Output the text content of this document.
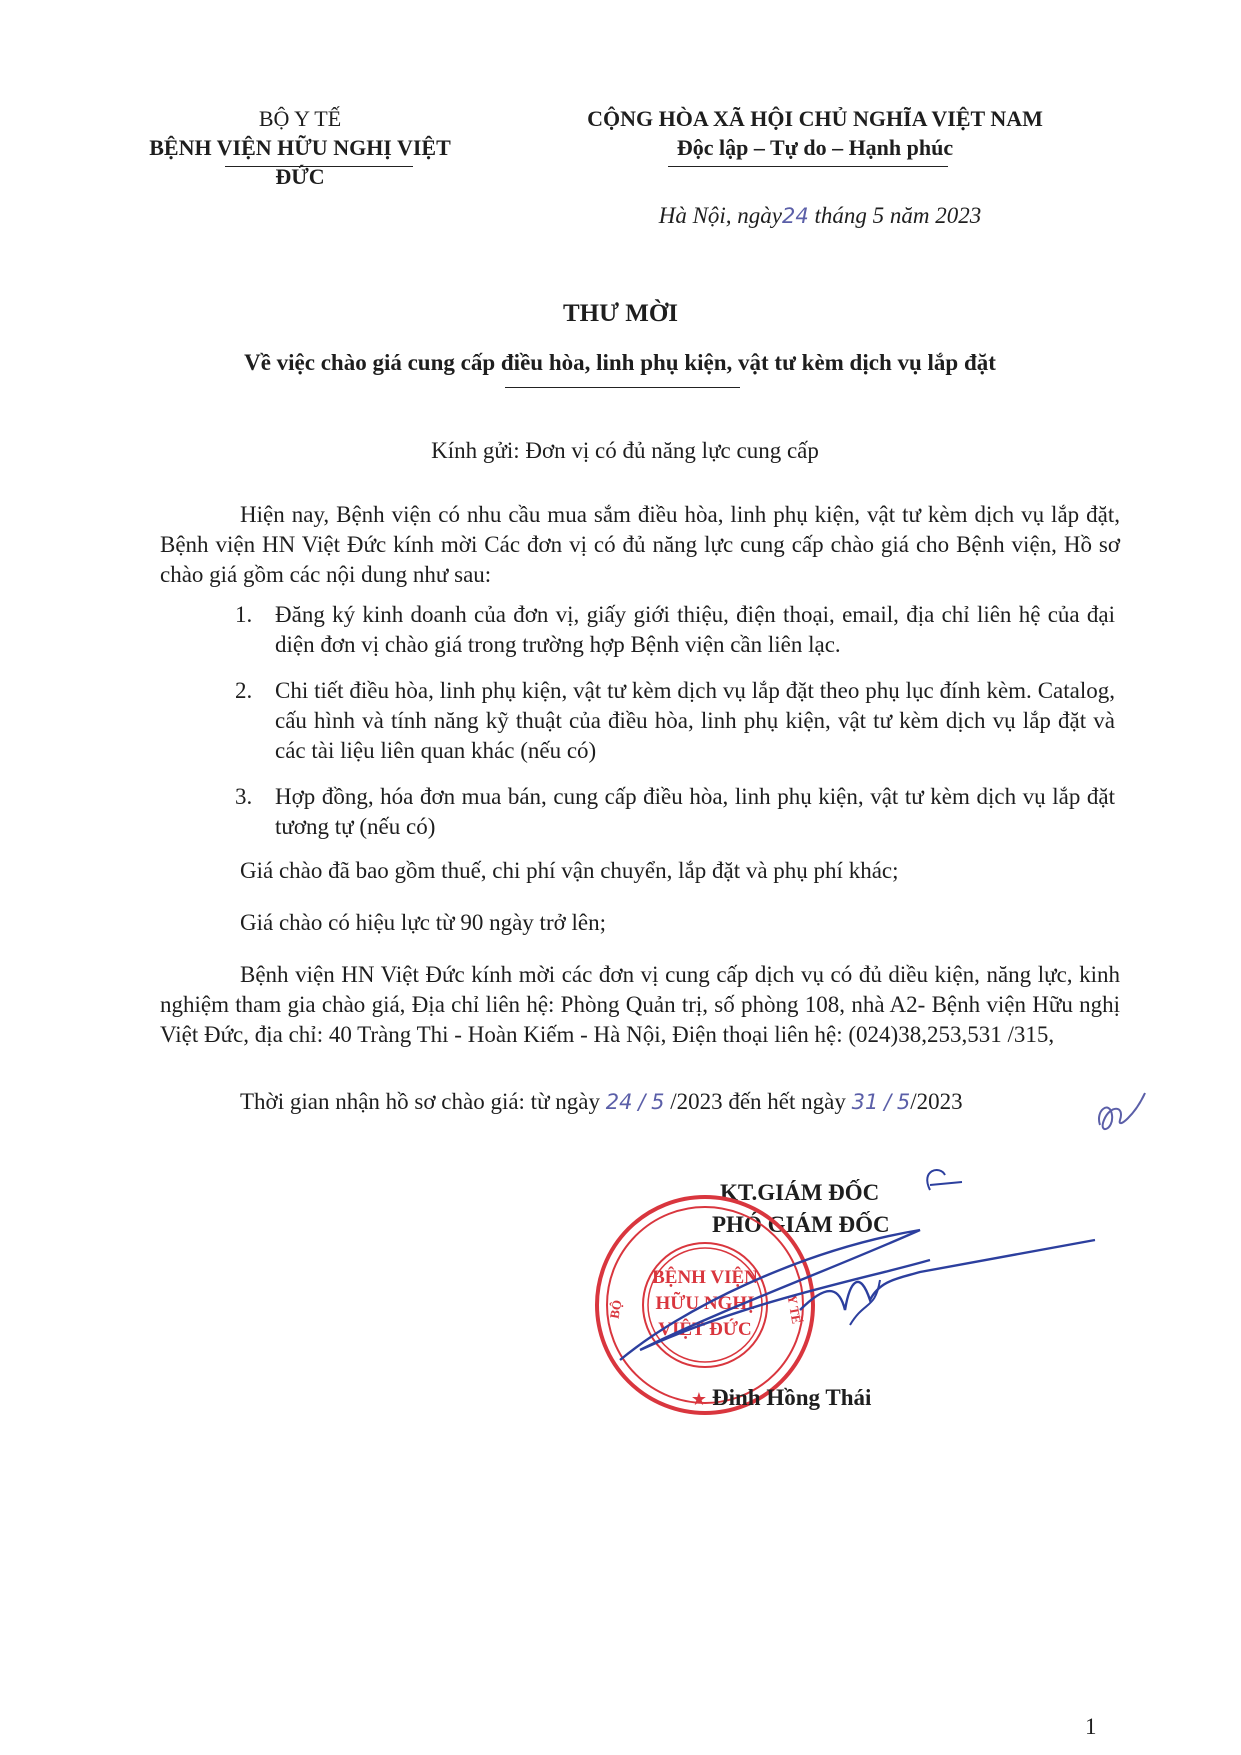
BỘ Y TẾ
BỆNH VIỆN HỮU NGHỊ VIỆT ĐỨC
CỘNG HÒA XÃ HỘI CHỦ NGHĨA VIỆT NAM
Độc lập – Tự do – Hạnh phúc
Hà Nội, ngày24 tháng 5 năm 2023
THƯ MỜI
Về việc chào giá cung cấp điều hòa, linh phụ kiện, vật tư kèm dịch vụ lắp đặt
Kính gửi: Đơn vị có đủ năng lực cung cấp
Hiện nay, Bệnh viện có nhu cầu mua sắm điều hòa, linh phụ kiện, vật tư kèm dịch vụ lắp đặt, Bệnh viện HN Việt Đức kính mời Các đơn vị có đủ năng lực cung cấp chào giá cho Bệnh viện, Hồ sơ chào giá gồm các nội dung như sau:
1. Đăng ký kinh doanh của đơn vị, giấy giới thiệu, điện thoại, email, địa chỉ liên hệ của đại diện đơn vị chào giá trong trường hợp Bệnh viện cần liên lạc.
2. Chi tiết điều hòa, linh phụ kiện, vật tư kèm dịch vụ lắp đặt theo phụ lục đính kèm. Catalog, cấu hình và tính năng kỹ thuật của điều hòa, linh phụ kiện, vật tư kèm dịch vụ lắp đặt và các tài liệu liên quan khác (nếu có)
3. Hợp đồng, hóa đơn mua bán, cung cấp điều hòa, linh phụ kiện, vật tư kèm dịch vụ lắp đặt tương tự (nếu có)
Giá chào đã bao gồm thuế, chi phí vận chuyển, lắp đặt và phụ phí khác;
Giá chào có hiệu lực từ 90 ngày trở lên;
Bệnh viện HN Việt Đức kính mời các đơn vị cung cấp dịch vụ có đủ diều kiện, năng lực, kinh nghiệm tham gia chào giá, Địa chỉ liên hệ: Phòng Quản trị, số phòng 108, nhà A2- Bệnh viện Hữu nghị Việt Đức, địa chỉ: 40 Tràng Thi - Hoàn Kiếm - Hà Nội, Điện thoại liên hệ: (024)38,253,531 /315,
Thời gian nhận hồ sơ chào giá: từ ngày 24 / 5 /2023 đến hết ngày 31 / 5/2023
KT.GIÁM ĐỐC
PHÓ GIÁM ĐỐC
BỆNH VIỆN
HỮU NGHỊ
VIỆT ĐỨC
BỘ	Y TẾ
★ Đinh Hồng Thái
1
